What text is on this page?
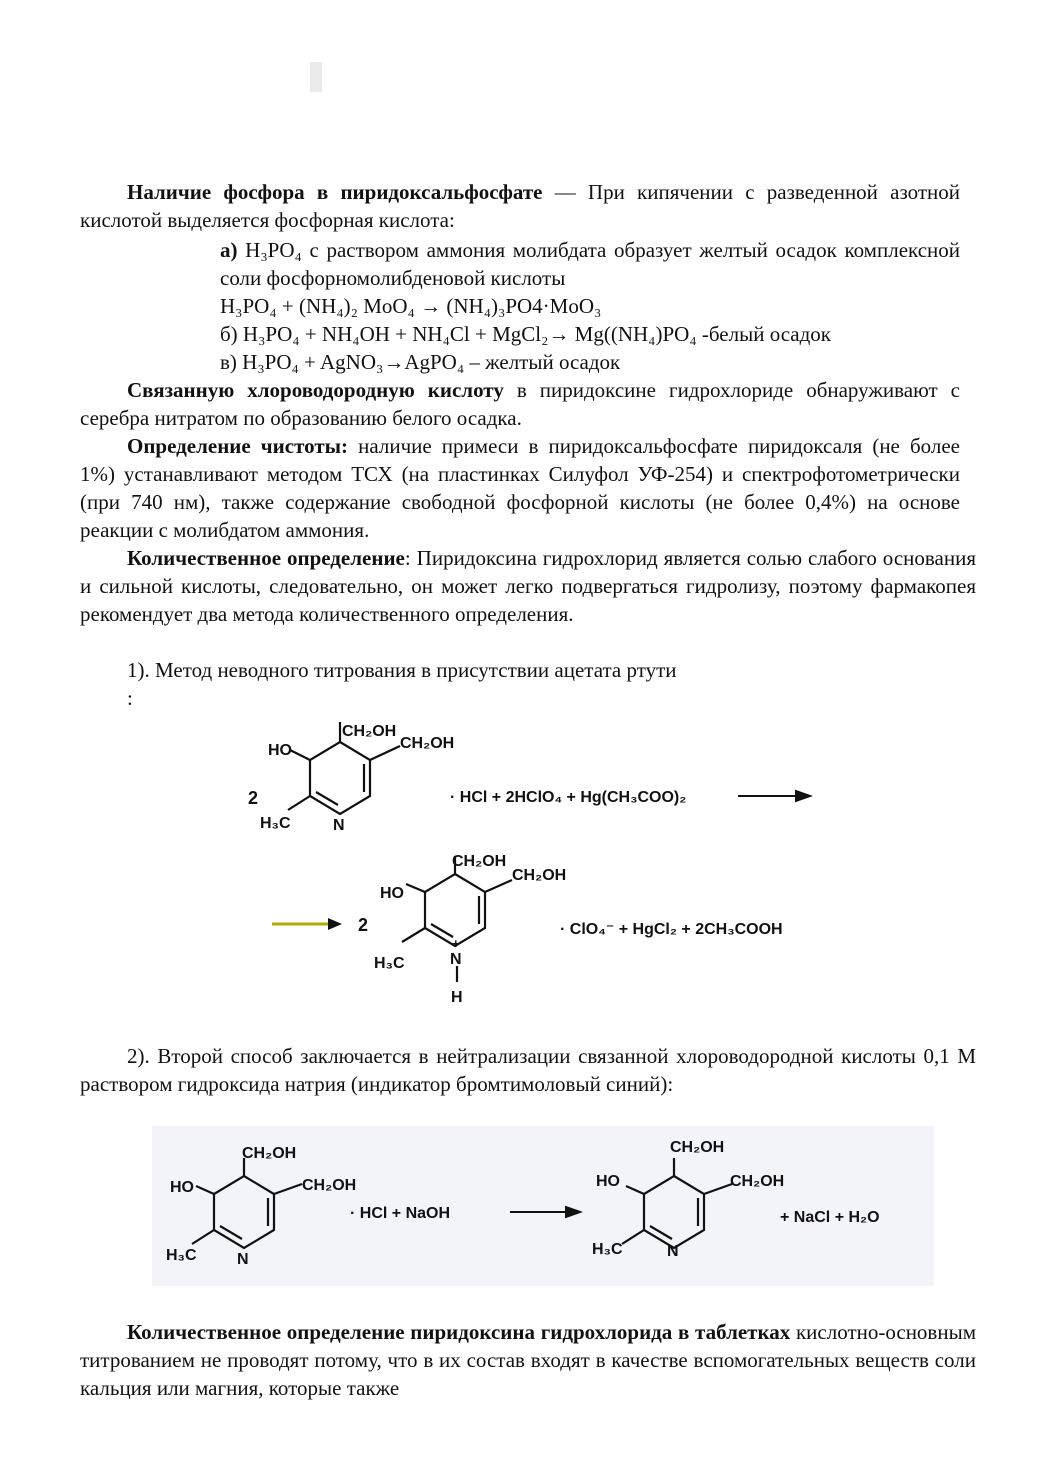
Наличие фосфора в пиридоксальфосфате — При кипячении с разведенной азотной кислотой выделяется фосфорная кислота:
а) H₃PO₄ с раствором аммония молибдата образует желтый осадок комплексной соли фосфорномолибденовой кислоты
H₃PO₄ + (NH₄)₂ MoO₄ → (NH₄)₃PO4·MoO₃
б) H₃PO₄ + NH₄OH + NH₄Cl + MgCl₂→ Mg((NH₄)PO₄ -белый осадок
в) H₃PO₄ + AgNO₃→AgPO₄ – желтый осадок
Связанную хлороводородную кислоту в пиридоксине гидрохлориде обнаруживают с серебра нитратом по образованию белого осадка.
Определение чистоты: наличие примеси в пиридоксальфосфате пиридоксаля (не более 1%) устанавливают методом ТСХ (на пластинках Силуфол УФ-254) и спектрофотометрически (при 740 нм), также содержание свободной фосфорной кислоты (не более 0,4%) на основе реакции с молибдатом аммония.
Количественное определение: Пиридоксина гидрохлорид является солью слабого основания и сильной кислоты, следовательно, он может легко подвергаться гидролизу, поэтому фармакопея рекомендует два метода количественного определения.
1). Метод неводного титрования в присутствии ацетата ртути
:
CH₂OH
CH₂OH
HO
H₃C	N
2	· HCl + 2HClO₄ + Hg(CH₃COO)₂
2
CH₂OH
CH₂OH
HO
H₃C	N
+
H
· ClO₄⁻ + HgCl₂ + 2CH₃COOH
2). Второй способ заключается в нейтрализации связанной хлороводородной кислоты 0,1 М раствором гидроксида натрия (индикатор бромтимоловый синий):
CH₂OH
CH₂OH
HO
H₃C	N
· HCl + NaOH
CH₂OH
CH₂OH
HO
H₃C	N
+ NaCl + H₂O
Количественное определение пиридоксина гидрохлорида в таблетках кислотно-основным титрованием не проводят потому, что в их состав входят в качестве вспомогательных веществ соли кальция или магния, которые также
